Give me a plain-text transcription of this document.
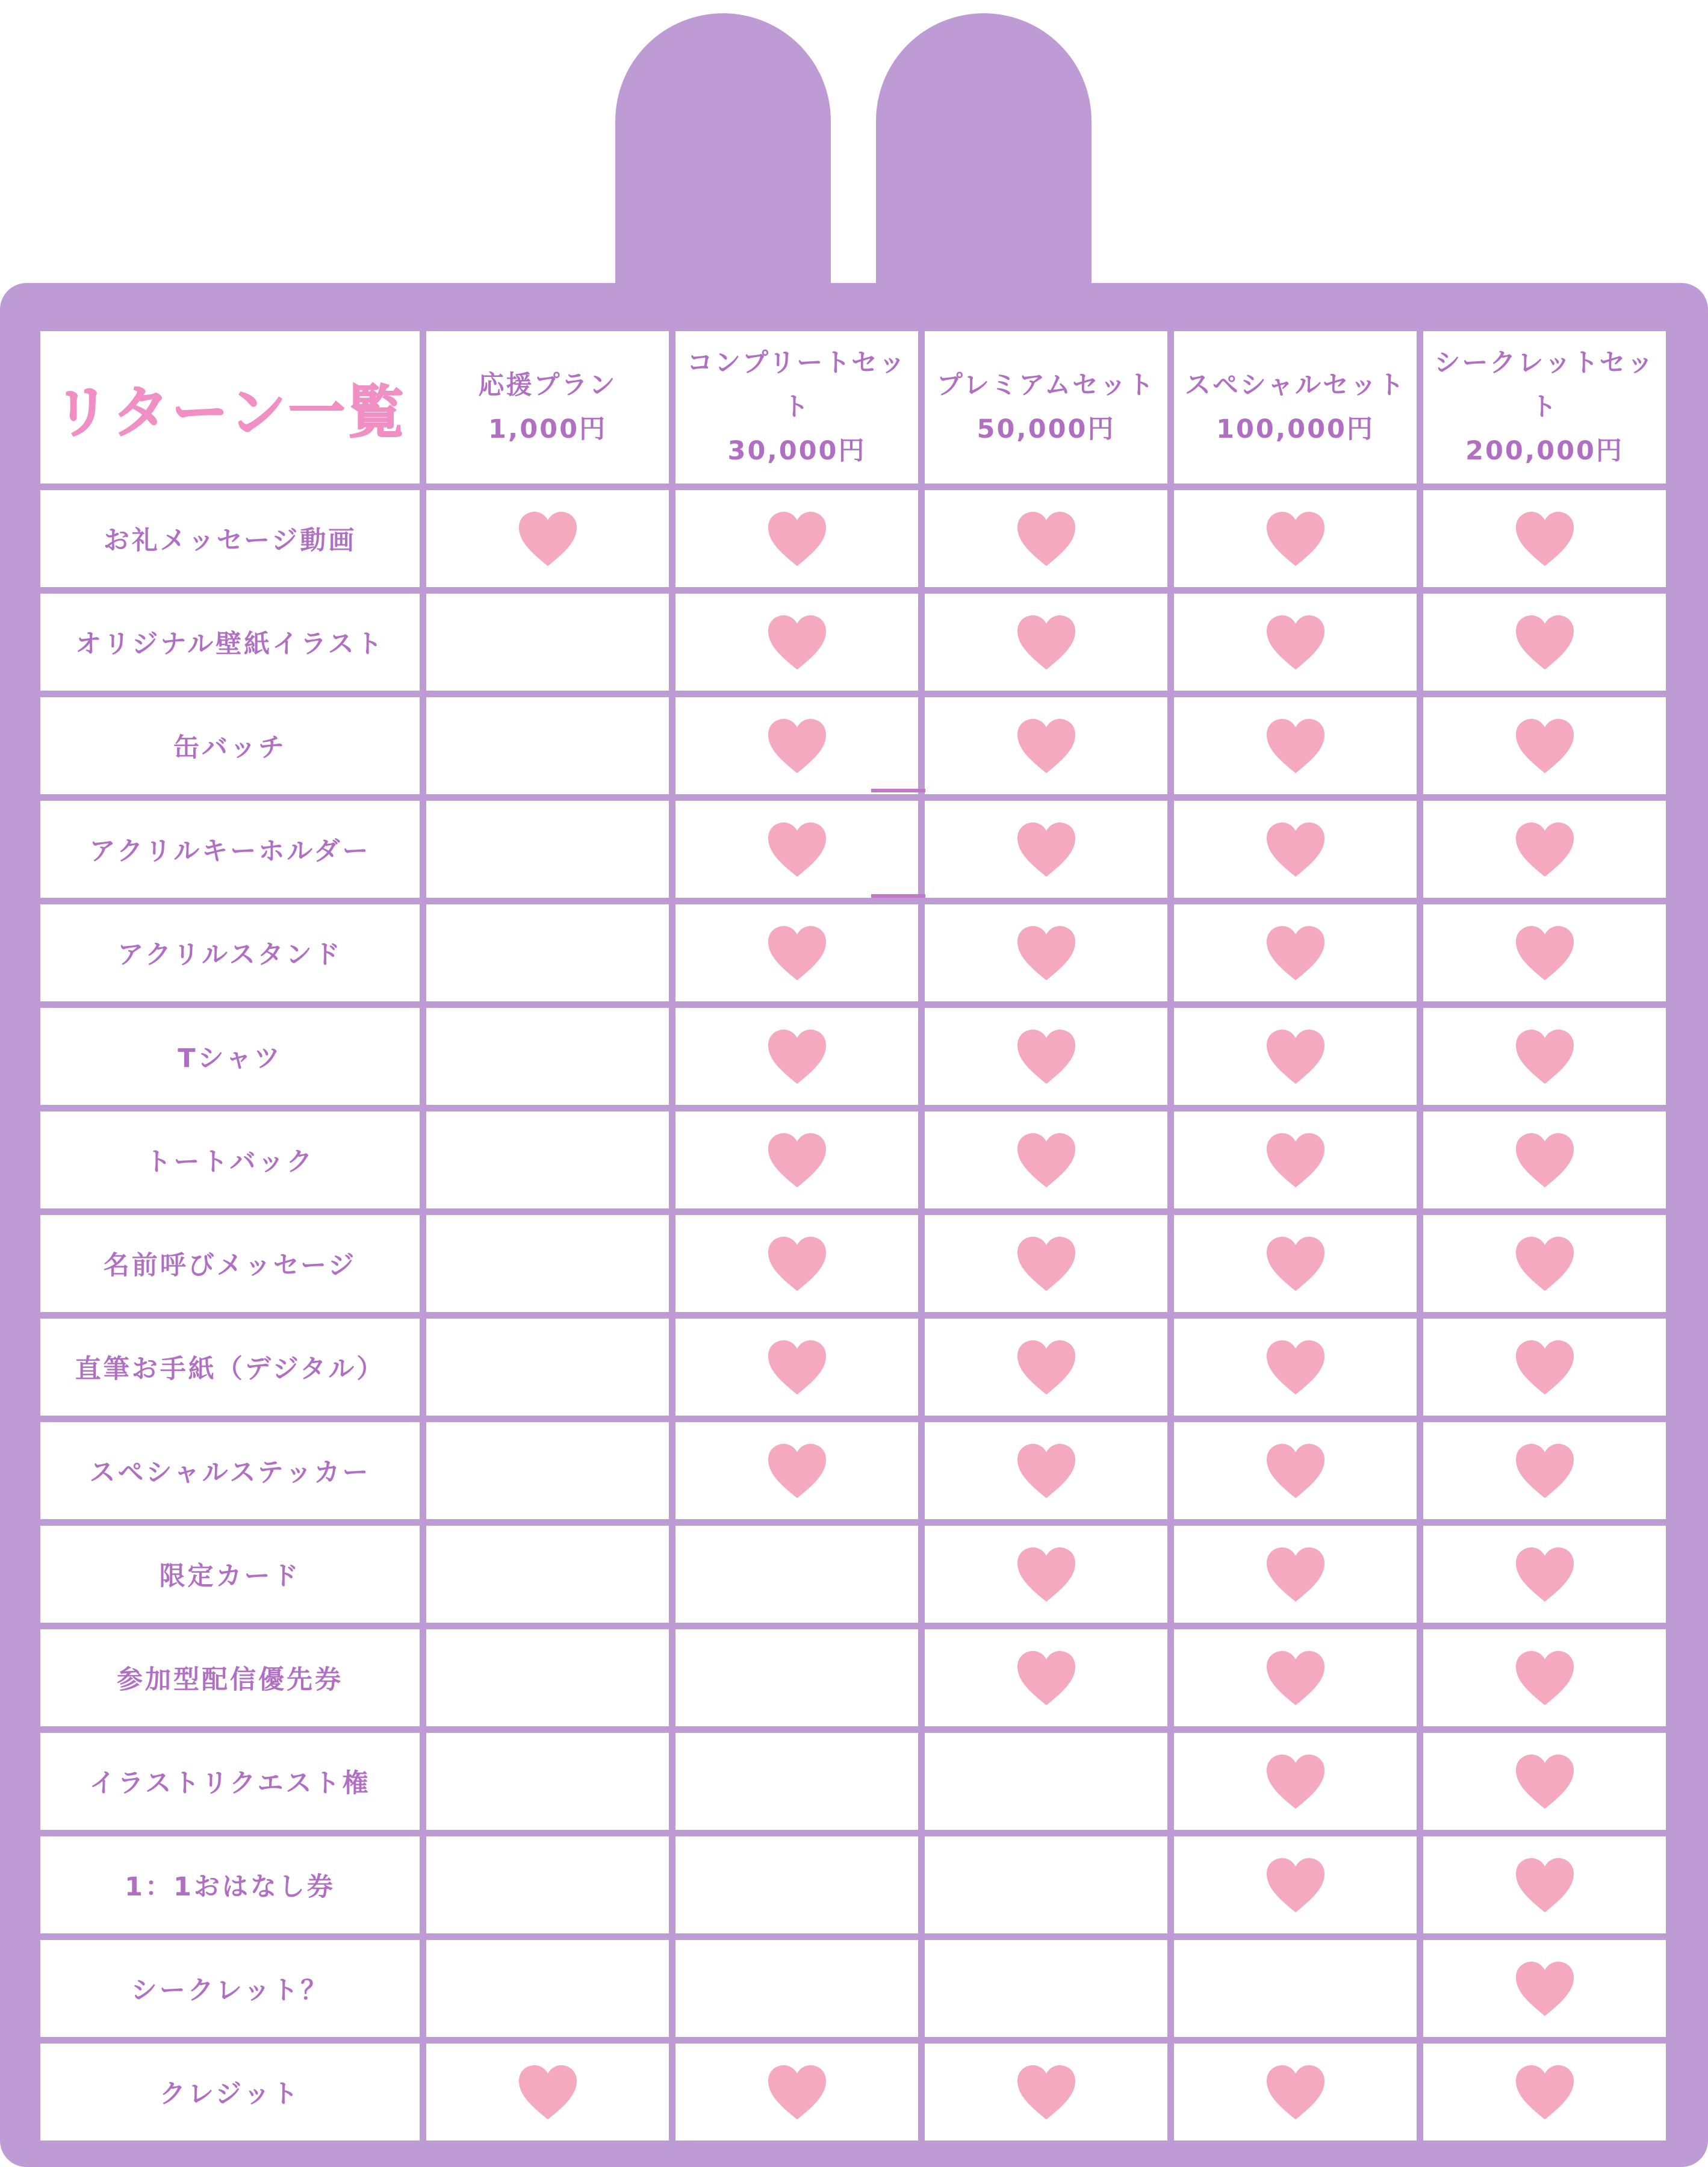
リターン一覧	応援プラン
1,000円
コンプリートセット
30,000円
プレミアムセット
50,000円
スペシャルセット
100,000円
シークレットセット
200,000円
お礼メッセージ動画
オリジナル壁紙イラスト
缶バッチ
アクリルキーホルダー
アクリルスタンド
Tシャツ
トートバック
名前呼びメッセージ
直筆お手紙（デジタル）
スペシャルステッカー
限定カード
参加型配信優先券
イラストリクエスト権
1：1おはなし券
シークレット？
クレジット
